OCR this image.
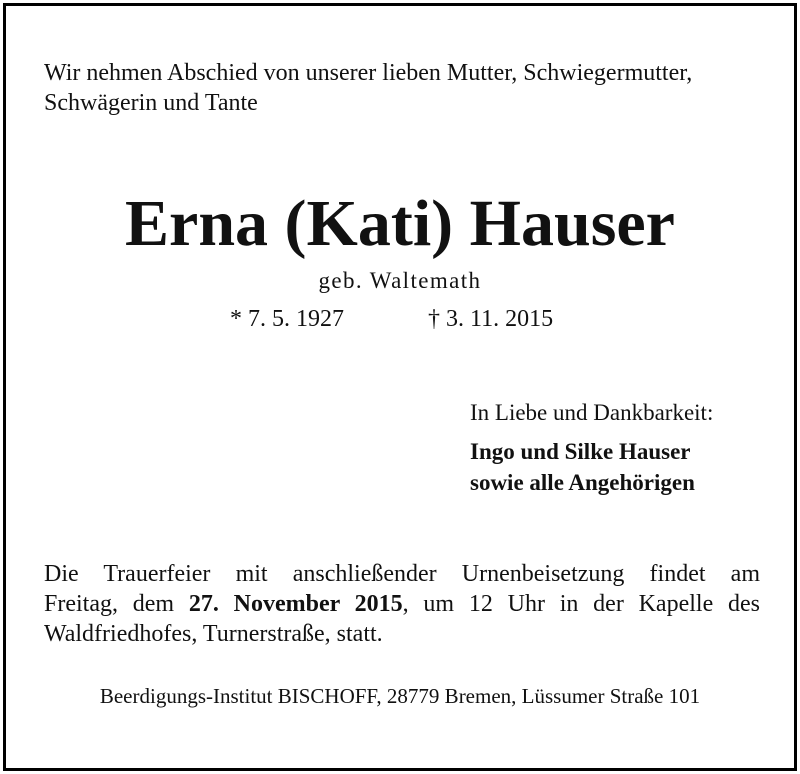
Wir nehmen Abschied von unserer lieben Mutter, Schwiegermutter,
Schwägerin und Tante
Erna (Kati) Hauser
geb. Waltemath
* 7. 5. 1927	† 3. 11. 2015
In Liebe und Dankbarkeit:
Ingo und Silke Hauser
sowie alle Angehörigen
Die Trauerfeier mit anschließender Urnenbeisetzung findet am
Freitag, dem 27. November 2015, um 12 Uhr in der Kapelle des
Waldfriedhofes, Turnerstraße, statt.
Beerdigungs-Institut BISCHOFF, 28779 Bremen, Lüssumer Straße 101
